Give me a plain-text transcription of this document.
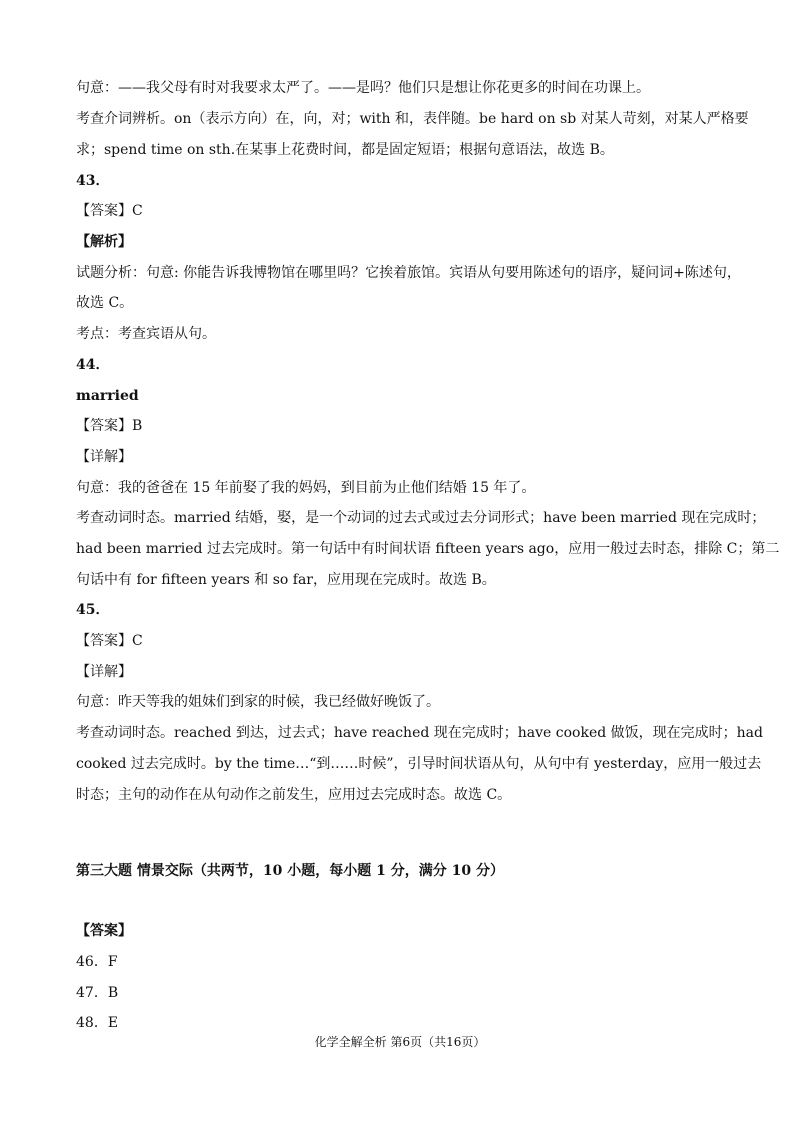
句意：——我父母有时对我要求太严了。——是吗？他们只是想让你花更多的时间在功课上。
考查介词辨析。on（表示方向）在，向，对；with 和，表伴随。be hard on sb 对某人苛刻，对某人严格要
求；spend time on sth.在某事上花费时间，都是固定短语；根据句意语法，故选 B。
43．
【答案】C
【解析】
试题分析：句意: 你能告诉我博物馆在哪里吗？它挨着旅馆。宾语从句要用陈述句的语序，疑问词+陈述句，
故选 C。
考点：考查宾语从句。
44．
married
【答案】B
【详解】
句意：我的爸爸在 15 年前娶了我的妈妈，到目前为止他们结婚 15 年了。
考查动词时态。married 结婚，娶，是一个动词的过去式或过去分词形式；have been married 现在完成时；
had been married 过去完成时。第一句话中有时间状语 fifteen years ago，应用一般过去时态，排除 C；第二
句话中有 for fifteen years 和 so far，应用现在完成时。故选 B。
45．
【答案】C
【详解】
句意：昨天等我的姐妹们到家的时候，我已经做好晚饭了。
考查动词时态。reached 到达，过去式；have reached 现在完成时；have cooked 做饭，现在完成时；had
cooked 过去完成时。by the time…“到……时候”，引导时间状语从句，从句中有 yesterday，应用一般过去
时态；主句的动作在从句动作之前发生，应用过去完成时态。故选 C。
第三大题 情景交际（共两节，10 小题，每小题 1 分，满分 10 分）
【答案】
46．F
47．B
48．E
化学全解全析 第6页（共16页）
